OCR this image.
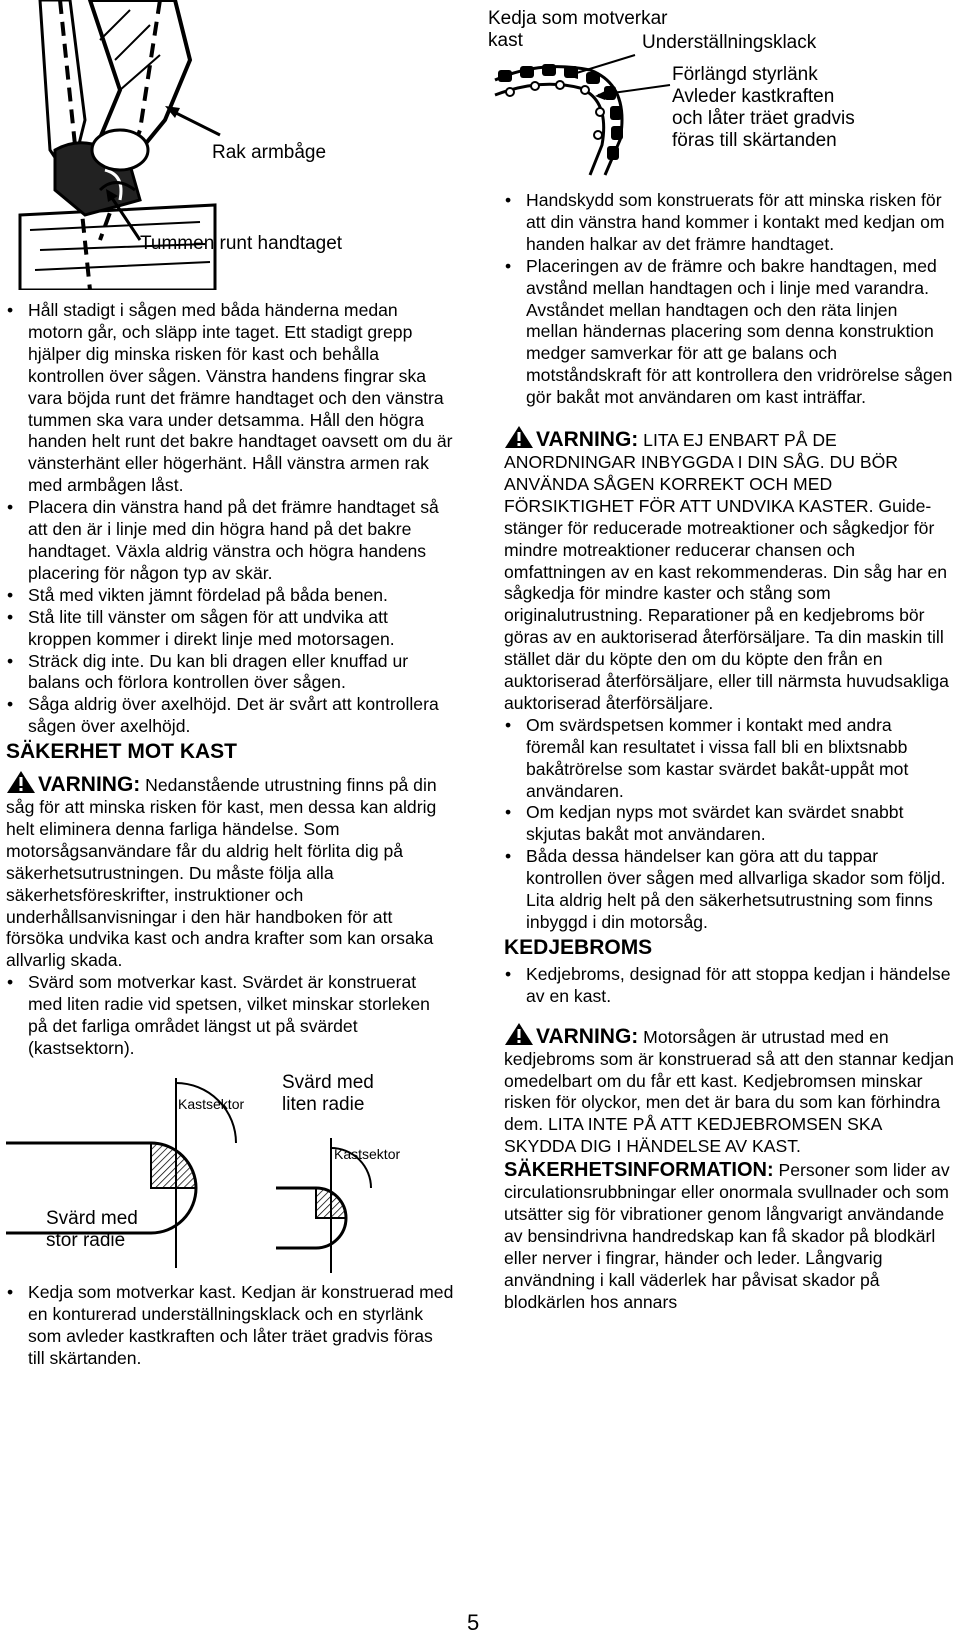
Rak armbåge
Tummen runt handtaget
Kedja som motverkar
kast	Underställningsklack
Förlängd styrlänk
Avleder kastkraften
och låter träet gradvis
föras till skärtanden
• Håll stadigt i sågen med båda händerna medan motorn går, och släpp inte taget. Ett stadigt grepp hjälper dig minska risken för kast och behålla kontrollen över sågen. Vänstra handens fingrar ska vara böjda runt det främre handtaget och den vänstra tummen ska vara under detsamma. Håll den högra handen helt runt det bakre handtaget oavsett om du är vänsterhänt eller högerhänt. Håll vänstra armen rak med armbågen låst.
• Placera din vänstra hand på det främre handtaget så att den är i linje med din högra hand på det bakre handtaget. Växla aldrig vänstra och högra handens placering för någon typ av skär.
• Stå med vikten jämnt fördelad på båda benen.
• Stå lite till vänster om sågen för att undvika att kroppen kommer i direkt linje med motorsagen.
• Sträck dig inte. Du kan bli dragen eller knuffad ur balans och förlora kontrollen över sågen.
• Såga aldrig över axelhöjd. Det är svårt att kontrollera sågen över axelhöjd.
SÄKERHET MOT KAST

VARNING: Nedanstående utrustning finns på din såg för att minska risken för kast, men dessa kan aldrig helt eliminera denna farliga händelse. Som motorsågsanvändare får du aldrig helt förlita dig på säkerhetsutrustningen. Du måste följa alla säkerhetsföreskrifter, instruktioner och underhållsanvisningar i den här handboken för att försöka undvika kast och andra krafter som kan orsaka allvarlig skada.

• Svärd som motverkar kast. Svärdet är konstruerat med liten radie vid spetsen, vilket minskar storleken på det farliga området längst ut på svärdet (kastsektorn).
Svärd med
liten radie
Kastsektor
Kastsektor
Svärd med
stor radie
• Kedja som motverkar kast. Kedjan är konstruerad med en konturerad underställningsklack och en styrlänk som avleder kastkraften och låter träet gradvis föras till skärtanden.
• Handskydd som konstruerats för att minska risken för att din vänstra hand kommer i kontakt med kedjan om handen halkar av det främre handtaget.
• Placeringen av de främre och bakre handtagen, med avstånd mellan handtagen och i linje med varandra. Avståndet mellan handtagen och den räta linjen mellan händernas placering som denna konstruktion medger samverkar för att ge balans och motståndskraft för att kontrollera den vridrörelse sågen gör bakåt mot användaren om kast inträffar.

VARNING: LITA EJ ENBART PÅ DE ANORDNINGAR INBYGGDA I DIN SÅG. DU BÖR ANVÄNDA SÅGEN KORREKT OCH MED FÖRSIKTIGHET FÖR ATT UNDVIKA KASTER. Guide-stänger för reducerade motreaktioner och sågkedjor för mindre motreaktioner reducerar chansen och omfattningen av en kast rekommenderas. Din såg har en sågkedja för mindre kaster och stång som originalutrustning. Reparationer på en kedjebroms bör göras av en auktoriserad återförsäljare. Ta din maskin till stället där du köpte den om du köpte den från en auktoriserad återförsäljare, eller till närmsta huvudsakliga auktoriserad återförsäljare.

• Om svärdspetsen kommer i kontakt med andra föremål kan resultatet i vissa fall bli en blixtsnabb bakåtrörelse som kastar svärdet bakåt-uppåt mot användaren.
• Om kedjan nyps mot svärdet kan svärdet snabbt skjutas bakåt mot användaren.
• Båda dessa händelser kan göra att du tappar kontrollen över sågen med allvarliga skador som följd. Lita aldrig helt på den säkerhetsutrustning som finns inbyggd i din motorsåg.
KEDJEBROMS
• Kedjebroms, designad för att stoppa kedjan i händelse av en kast.

VARNING: Motorsågen är utrustad med en kedjebroms som är konstruerad så att den stannar kedjan omedelbart om du får ett kast. Kedjebromsen minskar risken för olyckor, men det är bara du som kan förhindra dem. LITA INTE PÅ ATT KEDJEBROMSEN SKA SKYDDA DIG I HÄNDELSE AV KAST.

SÄKERHETSINFORMATION: Personer som lider av circulationsrubbningar eller onormala svullnader och som utsätter sig för vibrationer genom långvarigt användande av bensindrivna handredskap kan få skador på blodkärl eller nerver i fingrar, händer och leder. Långvarig användning i kall väderlek har påvisat skador på blodkärlen hos annars

5
